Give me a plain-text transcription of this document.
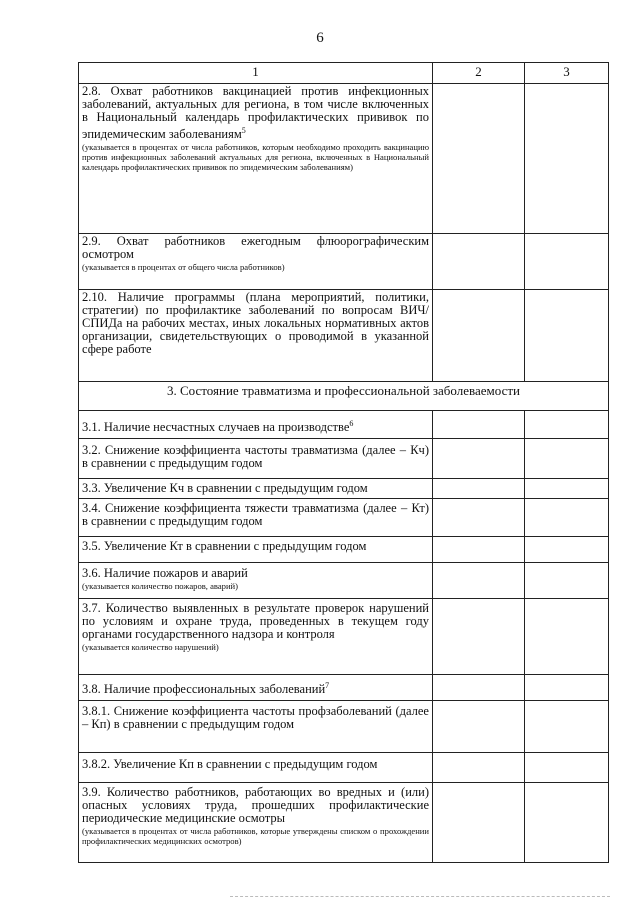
6
1	2	3

2.8. Охват работников вакцинацией против инфекционных заболеваний, актуальных для региона, в том числе включенных в Национальный календарь профилактических прививок по эпидемическим заболеваниям$^5$
(указывается в процентах от числа работников, которым необходимо проходить вакцинацию против инфекционных заболеваний актуальных для региона, включенных в Национальный календарь профилактических прививок по эпидемическим заболеваниям)		

2.9. Охват работников ежегодным флюорографическим осмотром
(указывается в процентах от общего числа работников)		

2.10. Наличие программы (плана мероприятий, политики, стратегии) по профилактике заболеваний по вопросам ВИЧ/СПИДа на рабочих местах, иных локальных нормативных актов организации, свидетельствующих о проводимой в указанной сфере работе		

3. Состояние травматизма и профессиональной заболеваемости		

3.1. Наличие несчастных случаев на производстве$^6$

3.2. Снижение коэффициента частоты травматизма (далее – Кч) в сравнении с предыдущим годом		

3.3. Увеличение Кч в сравнении с предыдущим годом		

3.4. Снижение коэффициента тяжести травматизма (далее – Кт) в сравнении с предыдущим годом		

3.5. Увеличение Кт в сравнении с предыдущим годом		

3.6. Наличие пожаров и аварий
(указывается количество пожаров, аварий)		

3.7. Количество выявленных в результате проверок нарушений по условиям и охране труда, проведенных в текущем году органами государственного надзора и контроля
(указывается количество нарушений)		

3.8. Наличие профессиональных заболеваний$^7$

3.8.1. Снижение коэффициента частоты профзаболеваний (далее – Кп) в сравнении с предыдущим годом		

3.8.2. Увеличение Кп в сравнении с предыдущим годом		

3.9. Количество работников, работающих во вредных и (или) опасных условиях труда, прошедших профилактические периодические медицинские осмотры
(указывается в процентах от числа работников, которые утверждены списком о прохождении профилактических медицинских осмотров)		
